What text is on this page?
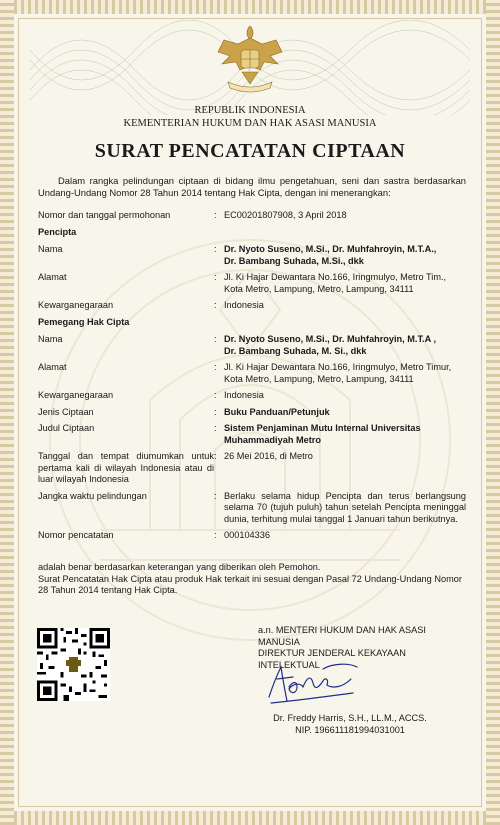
REPUBLIK INDONESIA
KEMENTERIAN HUKUM DAN HAK ASASI MANUSIA
SURAT PENCATATAN CIPTAAN
Dalam rangka pelindungan ciptaan di bidang ilmu pengetahuan, seni dan sastra berdasarkan Undang-Undang Nomor 28 Tahun 2014 tentang Hak Cipta, dengan ini menerangkan:
Nomor dan tanggal permohonan	: EC00201807908, 3 April 2018
Pencipta
Nama	: Dr. Nyoto Suseno, M.Si., Dr. Muhfahroyin, M.T.A.,
Dr. Bambang Suhada, M.Si., dkk
Alamat	: Jl. Ki Hajar Dewantara No.166, Iringmulyo, Metro Tim., Kota Metro, Lampung, Metro, Lampung, 34111
Kewarganegaraan	: Indonesia
Pemegang Hak Cipta
Nama	: Dr. Nyoto Suseno, M.Si., Dr. Muhfahroyin, M.T.A ,
Dr. Bambang Suhada, M. Si., dkk
Alamat	: Jl. Ki Hajar Dewantara No.166, Iringmulyo, Metro Timur, Kota Metro, Lampung, Metro, Lampung, 34111
Kewarganegaraan	: Indonesia
Jenis Ciptaan	: Buku Panduan/Petunjuk
Judul Ciptaan	: Sistem Penjaminan Mutu Internal Universitas Muhammadiyah Metro
Tanggal dan tempat diumumkan untuk pertama kali di wilayah Indonesia atau di luar wilayah Indonesia
: 26 Mei 2016, di Metro
Jangka waktu pelindungan	: Berlaku selama hidup Pencipta dan terus berlangsung selama 70 (tujuh puluh) tahun setelah Pencipta meninggal dunia, terhitung mulai tanggal 1 Januari tahun berikutnya.
Nomor pencatatan	: 000104336
adalah benar berdasarkan keterangan yang diberikan oleh Pemohon.
Surat Pencatatan Hak Cipta atau produk Hak terkait ini sesuai dengan Pasal 72 Undang-Undang Nomor 28 Tahun 2014 tentang Hak Cipta.
a.n. MENTERI HUKUM DAN HAK ASASI MANUSIA
DIREKTUR JENDERAL KEKAYAAN INTELEKTUAL
Dr. Freddy Harris, S.H., LL.M., ACCS.
NIP. 196611181994031001
